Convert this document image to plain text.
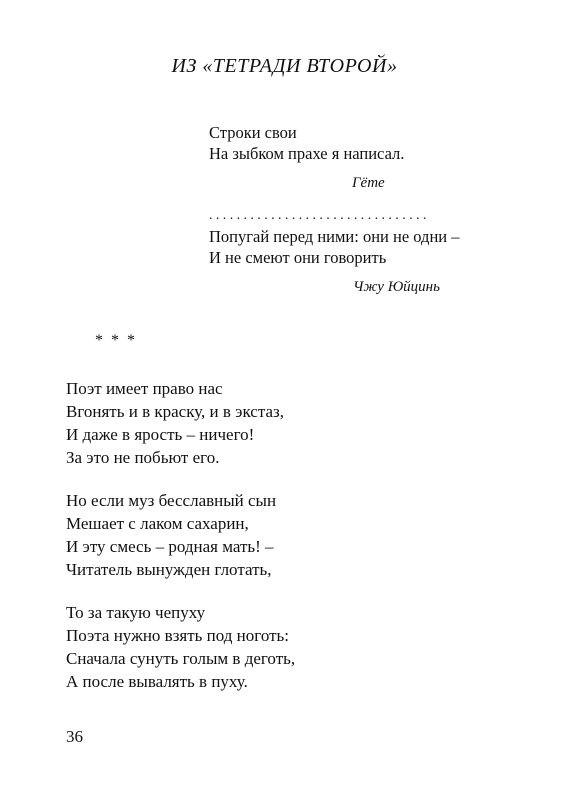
ИЗ «ТЕТРАДИ ВТОРОЙ»
Строки свои
На зыбком прахе я написал.
Гёте
................................
Попугай перед ними: они не одни –
И не смеют они говорить
Чжу Юйцинь
* * *
Поэт имеет право нас
Вгонять и в краску, и в экстаз,
И даже в ярость – ничего!
За это не побьют его.
Но если муз бесславный сын
Мешает с лаком сахарин,
И эту смесь – родная мать! –
Читатель вынужден глотать,
То за такую чепуху
Поэта нужно взять под ноготь:
Сначала сунуть голым в деготь,
А после вывалять в пуху.
36
